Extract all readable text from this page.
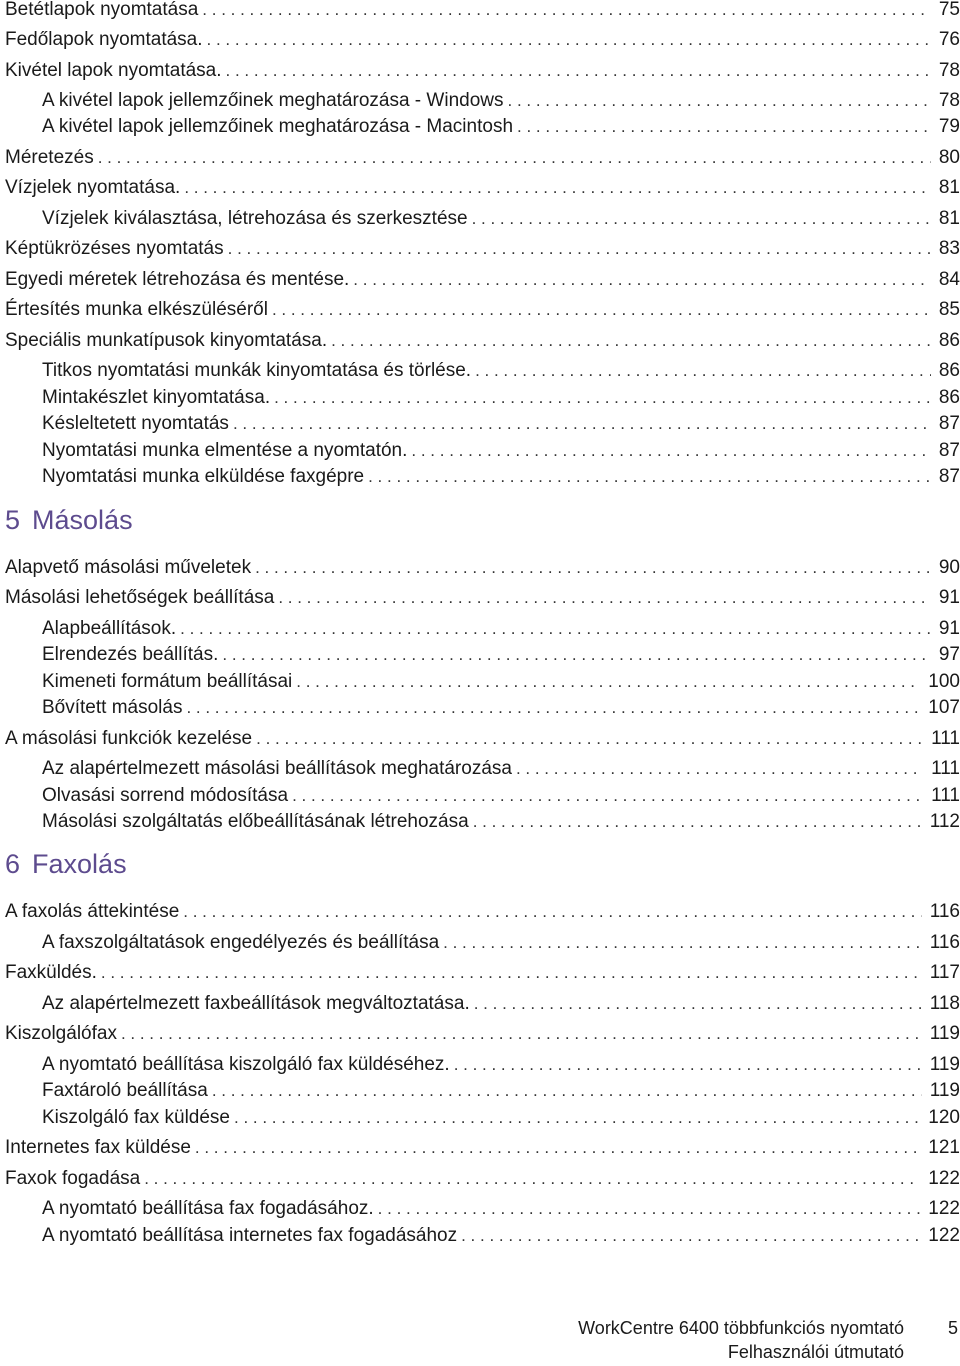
Betétlapok nyomtatása . . .	75
Fedőlapok nyomtatása. . . .	76
Kivétel lapok nyomtatása. . . .	78
A kivétel lapok jellemzőinek meghatározása - Windows . . .	78
A kivétel lapok jellemzőinek meghatározása - Macintosh . . .	79
Méretezés . . .	80
Vízjelek nyomtatása. . . .	81
Vízjelek kiválasztása, létrehozása és szerkesztése . . .	81
Képtükrözéses nyomtatás . . .	83
Egyedi méretek létrehozása és mentése. . . .	84
Értesítés munka elkészüléséről . . .	85
Speciális munkatípusok kinyomtatása. . . .	86
Titkos nyomtatási munkák kinyomtatása és törlése. . . .	86
Mintakészlet kinyomtatása. . . .	86
Késleltetett nyomtatás . . .	87
Nyomtatási munka elmentése a nyomtatón. . . .	87
Nyomtatási munka elküldése faxgépre . . .	87
5 Másolás
Alapvető másolási műveletek . . .	90
Másolási lehetőségek beállítása . . .	91
Alapbeállítások. . . .	91
Elrendezés beállítás. . . .	97
Kimeneti formátum beállításai . . .	100
Bővített másolás . . .	107
A másolási funkciók kezelése . . .	111
Az alapértelmezett másolási beállítások meghatározása . . .	111
Olvasási sorrend módosítása . . .	111
Másolási szolgáltatás előbeállításának létrehozása . . .	112
6 Faxolás
A faxolás áttekintése . . .	116
A faxszolgáltatások engedélyezés és beállítása . . .	116
Faxküldés. . . .	117
Az alapértelmezett faxbeállítások megváltoztatása. . . .	118
Kiszolgálófax . . .	119
A nyomtató beállítása kiszolgáló fax küldéséhez. . . .	119
Faxtároló beállítása . . .	119
Kiszolgáló fax küldése . . .	120
Internetes fax küldése . . .	121
Faxok fogadása . . .	122
A nyomtató beállítása fax fogadásához. . . .	122
A nyomtató beállítása internetes fax fogadásához . . .	122
WorkCentre 6400 többfunkciós nyomtató
Felhasználói útmutató
5
